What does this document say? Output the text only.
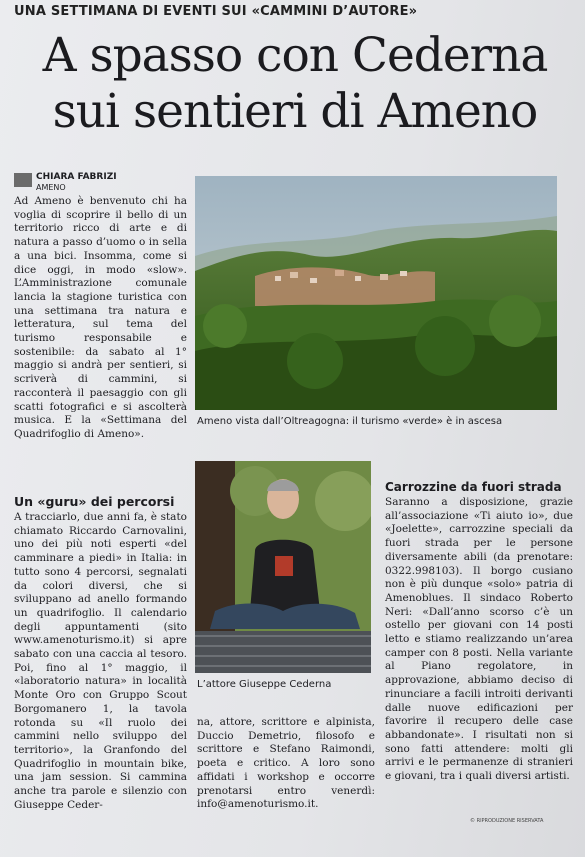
UNA SETTIMANA DI EVENTI SUI «CAMMINI D’AUTORE»
A spasso con Cederna
sui sentieri di Ameno
CHIARA FABRIZI
AMENO
Ameno vista dall’Oltreagogna: il turismo «verde» è in ascesa
L’attore Giuseppe Cederna

Ad Ameno è benvenuto chi ha voglia di scoprire il bello di un territorio ricco di arte e di natura a passo d’uomo o in sella a una bici. Insomma, come si dice oggi, in modo «slow». L’Amministrazione comunale lancia la stagione turistica con una settimana tra natura e letteratura, sul tema del turismo responsabile e sostenibile: da sabato al 1° maggio si andrà per sentieri, si scriverà di cammini, si racconterà il paesaggio con gli scatti fotografici e si ascolterà musica. E la «Settimana del Quadrifoglio di Ameno».

Un «guru» dei percorsi

A tracciarlo, due anni fa, è stato chiamato Riccardo Carnovalini, uno dei più noti esperti «del camminare a piedi» in Italia: in tutto sono 4 percorsi, segnalati da colori diversi, che si sviluppano ad anello formando un quadrifoglio. Il calendario degli appuntamenti (sito www.amenoturismo.it) si apre sabato con una caccia al tesoro. Poi, fino al 1° maggio, il «laboratorio natura» in località Monte Oro con Gruppo Scout Borgomanero 1, la tavola rotonda su «Il ruolo dei cammini nello sviluppo del territorio», la Granfondo del Quadrifoglio in mountain bike, una jam session. Si cammina anche tra parole e silenzio con Giuseppe Ceder-

na, attore, scrittore e alpinista, Duccio Demetrio, filosofo e scrittore e Stefano Raimondi, poeta e critico. A loro sono affidati i workshop e occorre prenotarsi entro venerdì: info@amenoturismo.it.

Carrozzine da fuori strada

Saranno a disposizione, grazie all’associazione «Ti aiuto io», due «Joelette», carrozzine speciali da fuori strada per le persone diversamente abili (da prenotare: 0322.998103). Il borgo cusiano non è più dunque «solo» patria di Amenoblues. Il sindaco Roberto Neri: «Dall’anno scorso c’è un ostello per giovani con 14 posti letto e stiamo realizzando un’area camper con 8 posti. Nella variante al Piano regolatore, in approvazione, abbiamo deciso di rinunciare a facili introiti derivanti dalle nuove edificazioni per favorire il recupero delle case abbandonate». I risultati non si sono fatti attendere: molti gli arrivi e le permanenze di stranieri e giovani, tra i quali diversi artisti.

© RIPRODUZIONE RISERVATA
